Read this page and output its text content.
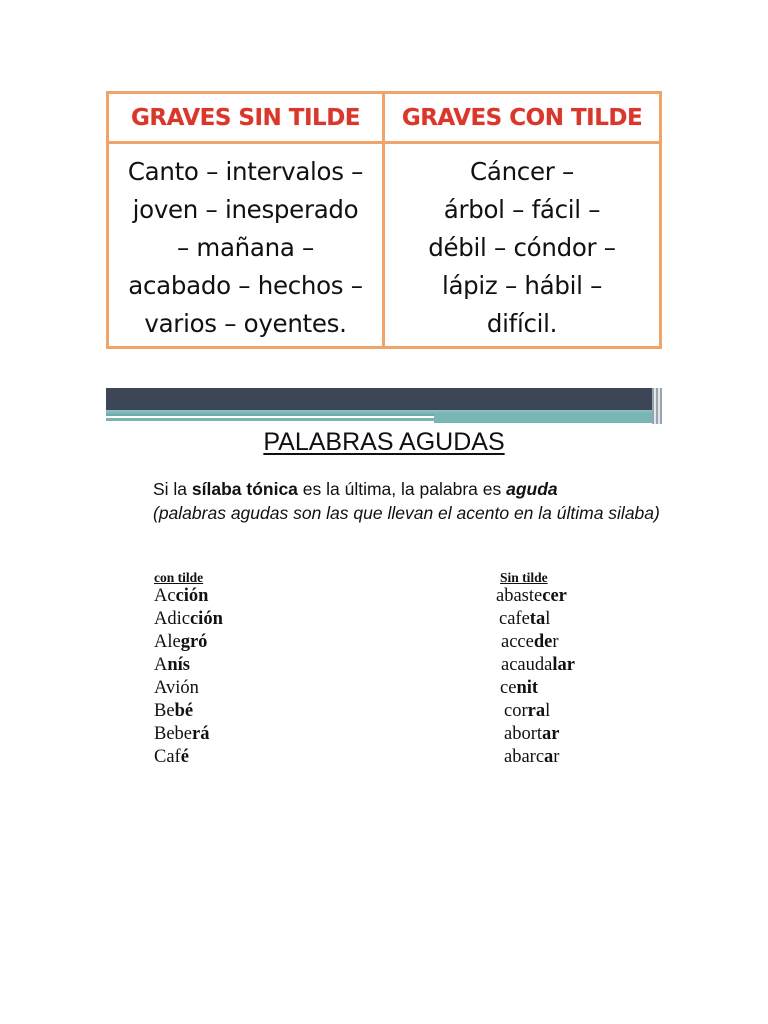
GRAVES SIN TILDE	GRAVES CON TILDE
Canto – intervalos –
joven – inesperado
– mañana –
acabado – hechos –
varios – oyentes.
Cáncer –
árbol – fácil –
débil – cóndor –
lápiz – hábil –
difícil.
PALABRAS AGUDAS
Si la sílaba tónica es la última, la palabra es aguda
(palabras agudas son las que llevan el acento en la última silaba)
con tilde	Sin tilde
Acción
Adicción
Alegró
Anís
Avión
Bebé
Beberá
Café
abastecer
cafetal
acceder
acaudalar
cenit
corral
abortar
abarcar
